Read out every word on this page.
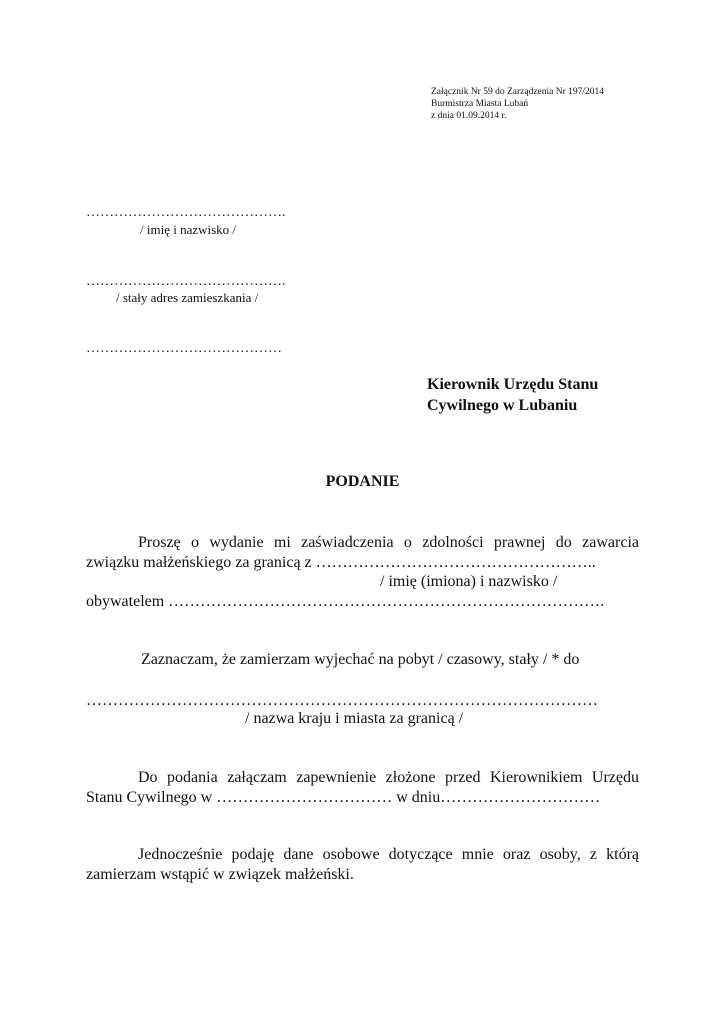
Załącznik Nr 59 do Zarządzenia Nr 197/2014
Burmistrza Miasta Lubań
z dnia 01.09.2014 r.
…………………………………….
/ imię i nazwisko /
…………………………………….
/ stały adres zamieszkania /
……………………………………
Kierownik Urzędu Stanu
Cywilnego w Lubaniu
PODANIE
Proszę o wydanie mi zaświadczenia o zdolności prawnej do zawarcia związku małżeńskiego za granicą z ……………………………………………..
/ imię (imiona) i nazwisko /
obywatelem ……………………………………………………………………….
Zaznaczam, że zamierzam wyjechać na pobyt / czasowy, stały / * do
……………………………………………………………………………………
/ nazwa kraju i miasta za granicą /
Do podania załączam zapewnienie złożone przed Kierownikiem Urzędu Stanu Cywilnego w …………………………… w dniu…………………………
Jednocześnie podaję dane osobowe dotyczące mnie oraz osoby, z którą zamierzam wstąpić w związek małżeński.
